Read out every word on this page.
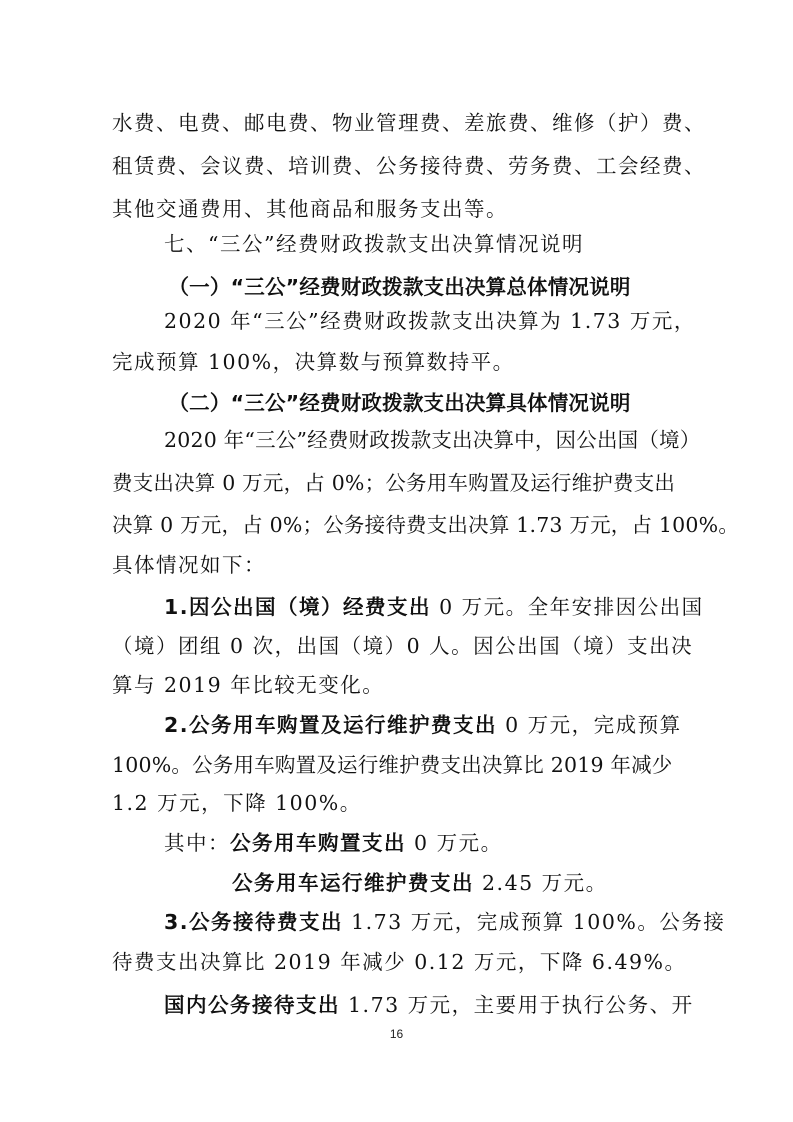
水费、电费、邮电费、物业管理费、差旅费、维修（护）费、
租赁费、会议费、培训费、公务接待费、劳务费、工会经费、
其他交通费用、其他商品和服务支出等。
七、“三公”经费财政拨款支出决算情况说明
（一）“三公”经费财政拨款支出决算总体情况说明
2020 年“三公”经费财政拨款支出决算为 1.73 万元，
完成预算 100%，决算数与预算数持平。
（二）“三公”经费财政拨款支出决算具体情况说明
2020 年“三公”经费财政拨款支出决算中，因公出国（境）
费支出决算 0 万元，占 0%；公务用车购置及运行维护费支出
决算 0 万元，占 0%；公务接待费支出决算 1.73 万元，占 100%。
具体情况如下：
1.因公出国（境）经费支出 0 万元。全年安排因公出国
（境）团组 0 次，出国（境）0 人。因公出国（境）支出决
算与 2019 年比较无变化。
2.公务用车购置及运行维护费支出 0 万元，完成预算
100%。公务用车购置及运行维护费支出决算比 2019 年减少
1.2 万元，下降 100%。
其中：公务用车购置支出 0 万元。
公务用车运行维护费支出 2.45 万元。
3.公务接待费支出 1.73 万元，完成预算 100%。公务接
待费支出决算比 2019 年减少 0.12 万元，下降 6.49%。
国内公务接待支出 1.73 万元，主要用于执行公务、开
16
